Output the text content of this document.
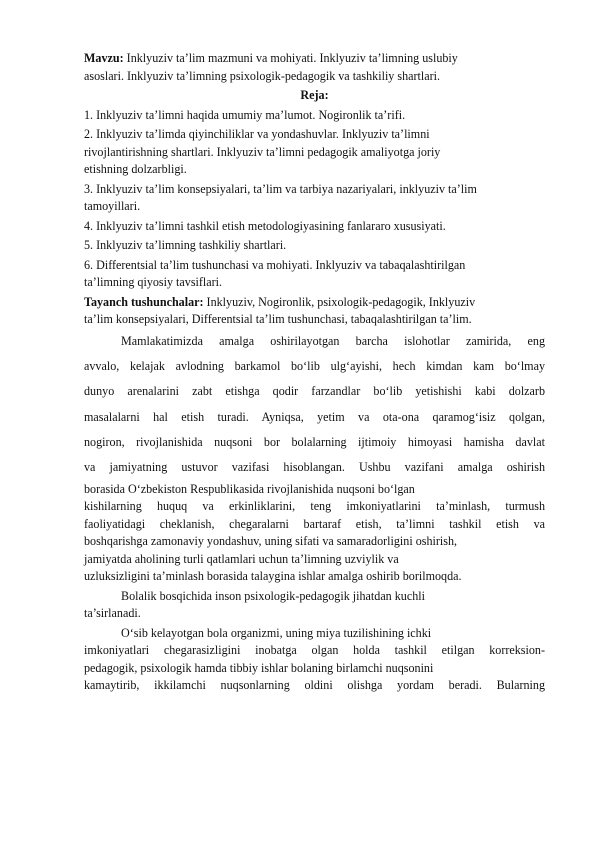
Mavzu: Inklyuziv ta’lim mazmuni va mohiyati. Inklyuziv ta’limning uslubiy
asoslari. Inklyuziv ta’limning psixologik-pedagogik va tashkiliy shartlari.
Reja:
1. Inklyuziv ta’limni haqida umumiy ma’lumot. Nogironlik ta’rifi.
2. Inklyuziv ta’limda qiyinchiliklar va yondashuvlar. Inklyuziv ta’limni
rivojlantirishning shartlari. Inklyuziv ta’limni pedagogik amaliyotga joriy
etishning dolzarbligi.
3. Inklyuziv ta’lim konsepsiyalari, ta’lim va tarbiya nazariyalari, inklyuziv ta’lim
tamoyillari.
4. Inklyuziv ta’limni tashkil etish metodologiyasining fanlararo xususiyati.
5. Inklyuziv ta’limning tashkiliy shartlari.
6. Differentsial ta’lim tushunchasi va mohiyati. Inklyuziv va tabaqalashtirilgan
ta’limning qiyosiy tavsiflari.
Tayanch tushunchalar: Inklyuziv, Nogironlik, psixologik-pedagogik, Inklyuziv
ta’lim konsepsiyalari, Differentsial ta’lim tushunchasi, tabaqalashtirilgan ta’lim.
Mamlakatimizda amalga oshirilayotgan barcha islohotlar zamirida, eng
avvalo, kelajak avlodning barkamol bo‘lib ulg‘ayishi, hech kimdan kam bo‘lmay
dunyo arenalarini zabt etishga qodir farzandlar bo‘lib yetishishi kabi dolzarb
masalalarni hal etish turadi. Ayniqsa, yetim va ota-ona qaramog‘isiz qolgan,
nogiron, rivojlanishida nuqsoni bor bolalarning ijtimoiy himoyasi hamisha davlat
va jamiyatning ustuvor vazifasi hisoblangan. Ushbu vazifani amalga oshirish
borasida O‘zbekiston Respublikasida rivojlanishida nuqsoni bo‘lgan
kishilarning huquq va erkinliklarini, teng imkoniyatlarini ta’minlash, turmush
faoliyatidagi cheklanish, chegaralarni bartaraf etish, ta’limni tashkil etish va
boshqarishga zamonaviy yondashuv, uning sifati va samaradorligini oshirish,
jamiyatda aholining turli qatlamlari uchun ta’limning uzviylik va
uzluksizligini ta’minlash borasida talaygina ishlar amalga oshirib borilmoqda.
Bolalik bosqichida inson psixologik-pedagogik jihatdan kuchli
ta’sirlanadi.
O‘sib kelayotgan bola organizmi, uning miya tuzilishining ichki
imkoniyatlari chegarasizligini inobatga olgan holda tashkil etilgan korreksion-
pedagogik, psixologik hamda tibbiy ishlar bolaning birlamchi nuqsonini
kamaytirib, ikkilamchi nuqsonlarning oldini olishga yordam beradi. Bularning
